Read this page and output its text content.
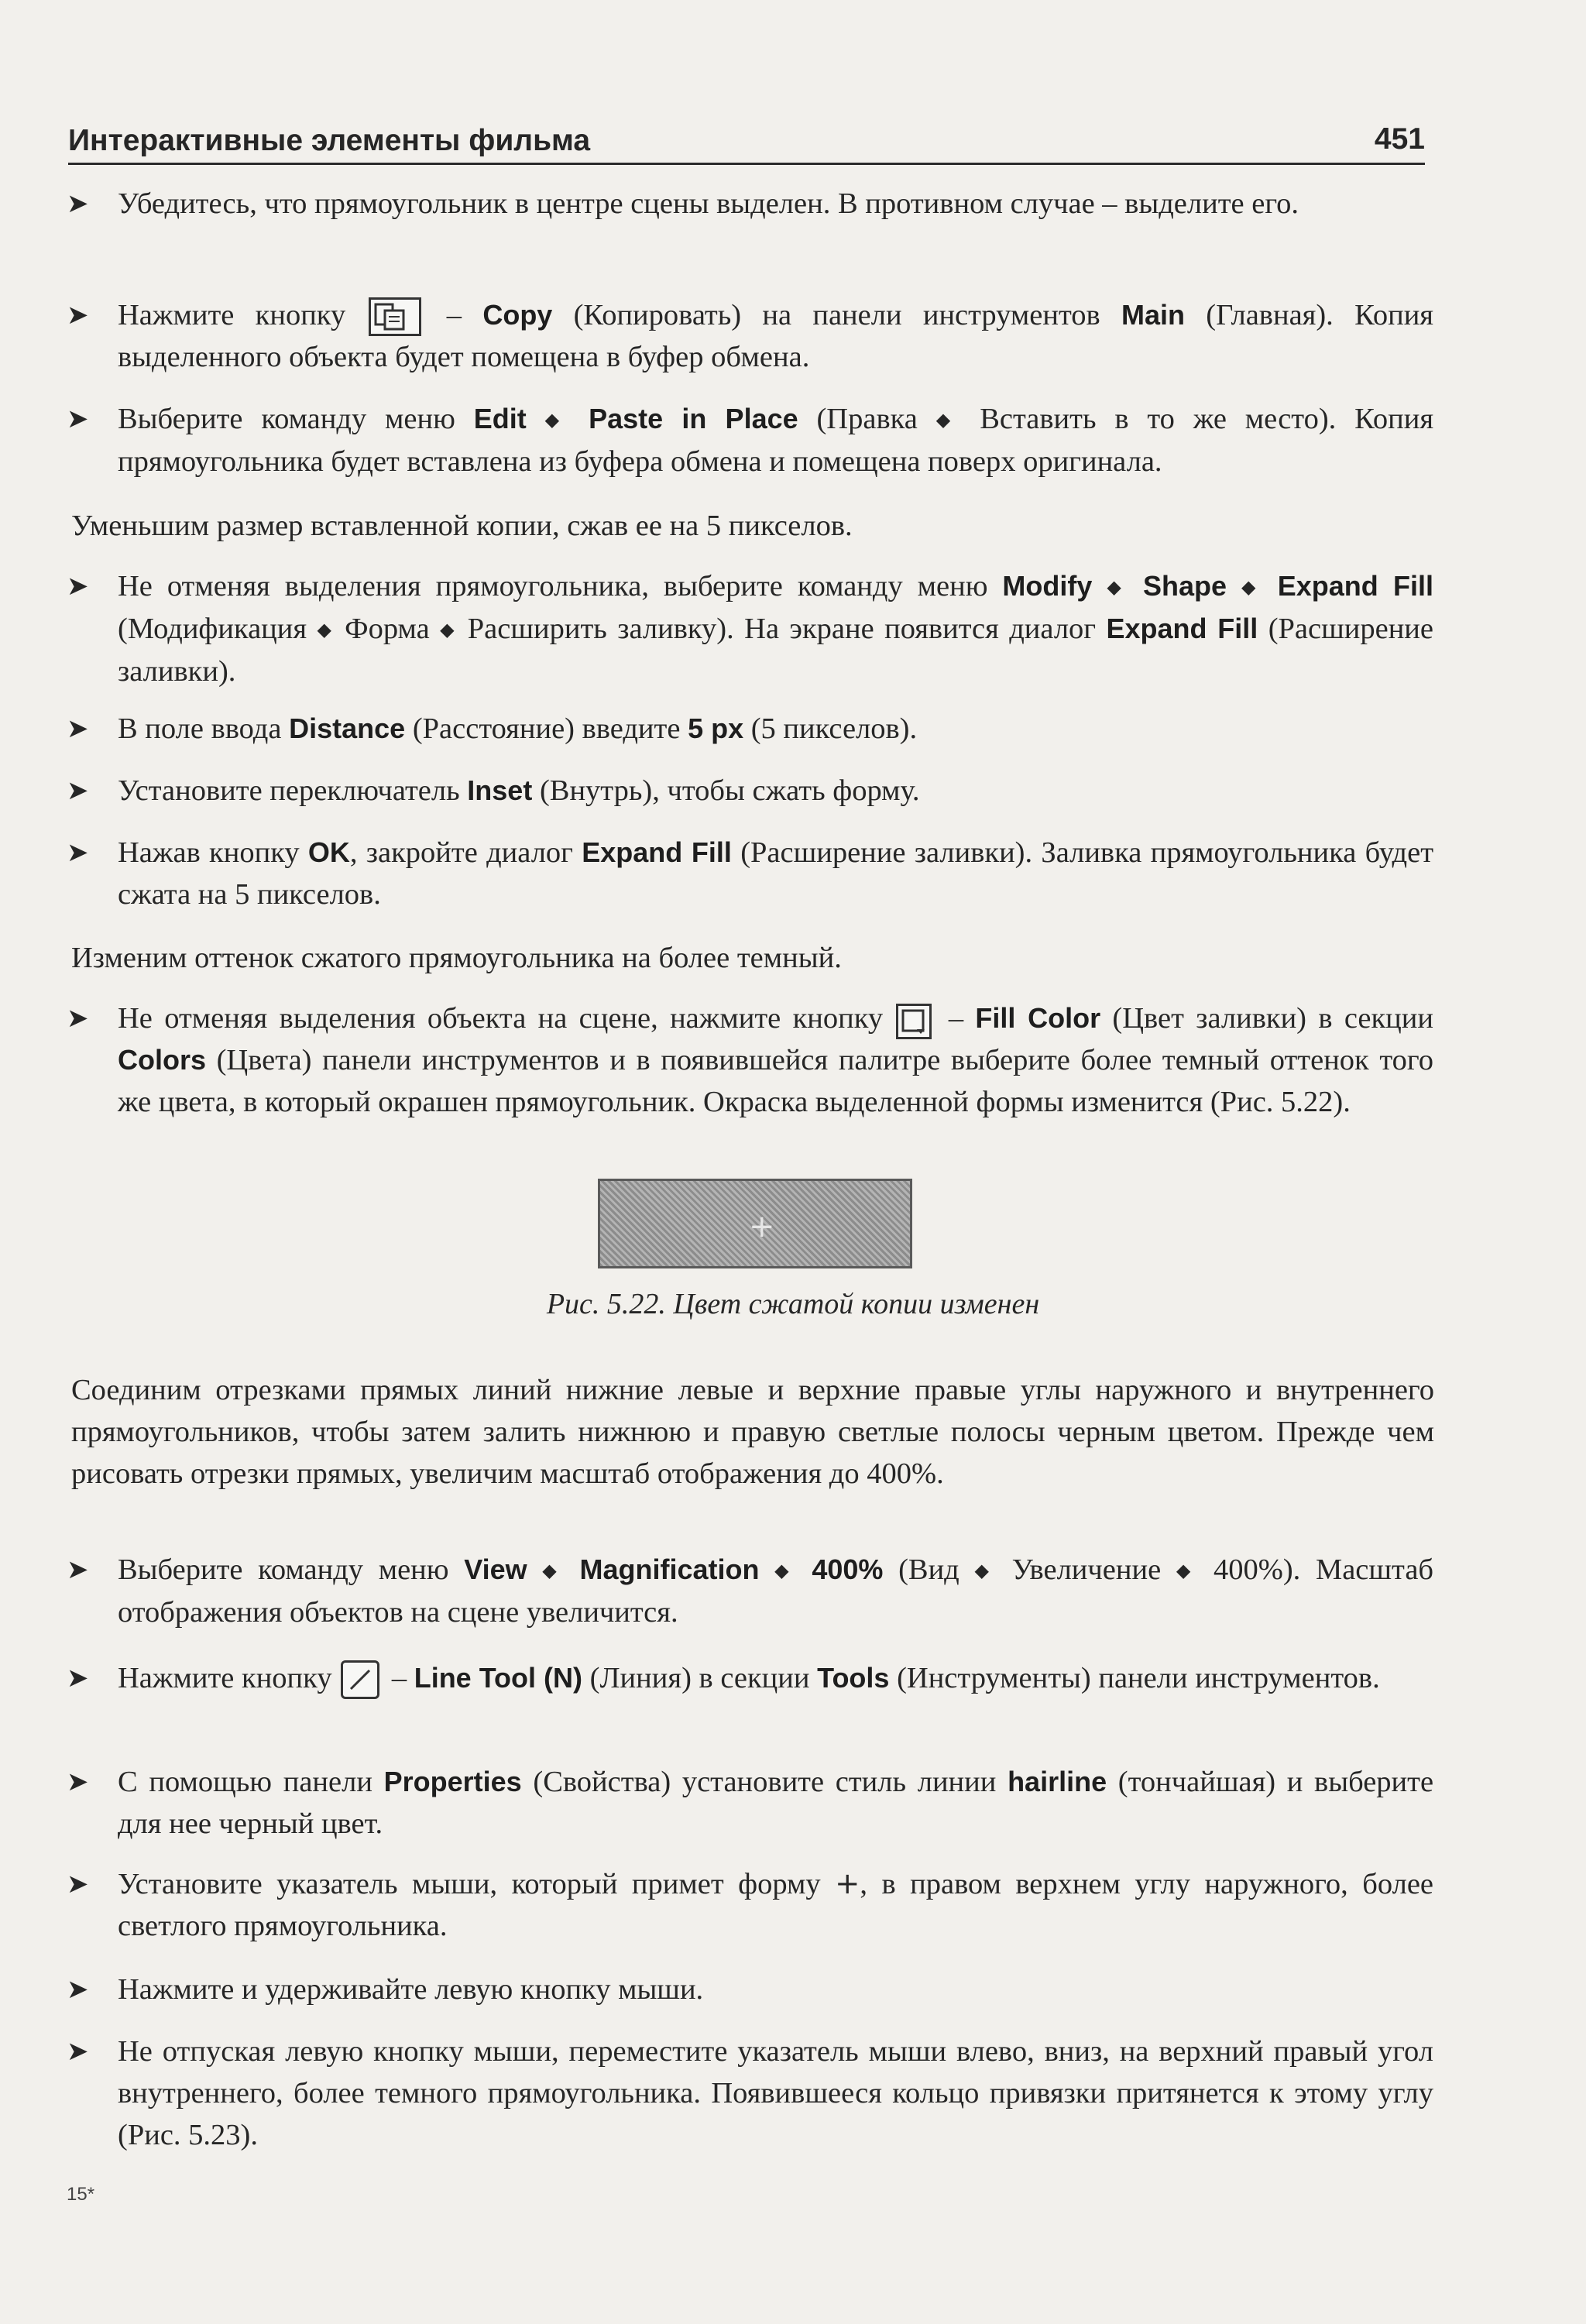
Интерактивные элементы фильма	451
➤ Убедитесь, что прямоугольник в центре сцены выделен. В противном случае – выделите его.
➤ Нажмите кнопку	– Copy (Копировать) на панели инструментов Main (Главная). Копия выделенного объекта будет помещена в буфер обмена.
➤ Выберите команду меню Edit ◆ Paste in Place (Правка ◆ Вставить в то же место). Копия прямоугольника будет вставлена из буфера обмена и помещена поверх оригинала.
Уменьшим размер вставленной копии, сжав ее на 5 пикселов.
➤ Не отменяя выделения прямоугольника, выберите команду меню Modify ◆ Shape ◆ Expand Fill (Модификация ◆ Форма ◆ Расширить заливку). На экране появится диалог Expand Fill (Расширение заливки).
➤ В поле ввода Distance (Расстояние) введите 5 px (5 пикселов).
➤ Установите переключатель Inset (Внутрь), чтобы сжать форму.
➤ Нажав кнопку OK, закройте диалог Expand Fill (Расширение заливки). Заливка прямоугольника будет сжата на 5 пикселов.
Изменим оттенок сжатого прямоугольника на более темный.
➤ Не отменяя выделения объекта на сцене, нажмите кнопку – Fill Color (Цвет заливки) в секции Colors (Цвета) панели инструментов и в появившейся палитре выберите более темный оттенок того же цвета, в который окрашен прямоугольник. Окраска выделенной формы изменится (Рис. 5.22).
+
Рис. 5.22. Цвет сжатой копии изменен
Соединим отрезками прямых линий нижние левые и верхние правые углы наружного и внутреннего прямоугольников, чтобы затем залить нижнюю и правую светлые полосы черным цветом. Прежде чем рисовать отрезки прямых, увеличим масштаб отображения до 400%.
➤ Выберите команду меню View ◆ Magnification ◆ 400% (Вид ◆ Увеличение ◆ 400%). Масштаб отображения объектов на сцене увеличится.
➤ Нажмите кнопку – Line Tool (N) (Линия) в секции Tools (Инструменты) панели инструментов.
➤ С помощью панели Properties (Свойства) установите стиль линии hairline (тончайшая) и выберите для нее черный цвет.
➤ Установите указатель мыши, который примет форму +, в правом верхнем углу наружного, более светлого прямоугольника.
➤ Нажмите и удерживайте левую кнопку мыши.
➤ Не отпуская левую кнопку мыши, переместите указатель мыши влево, вниз, на верхний правый угол внутреннего, более темного прямоугольника. Появившееся кольцо привязки притянется к этому углу (Рис. 5.23).
15*
